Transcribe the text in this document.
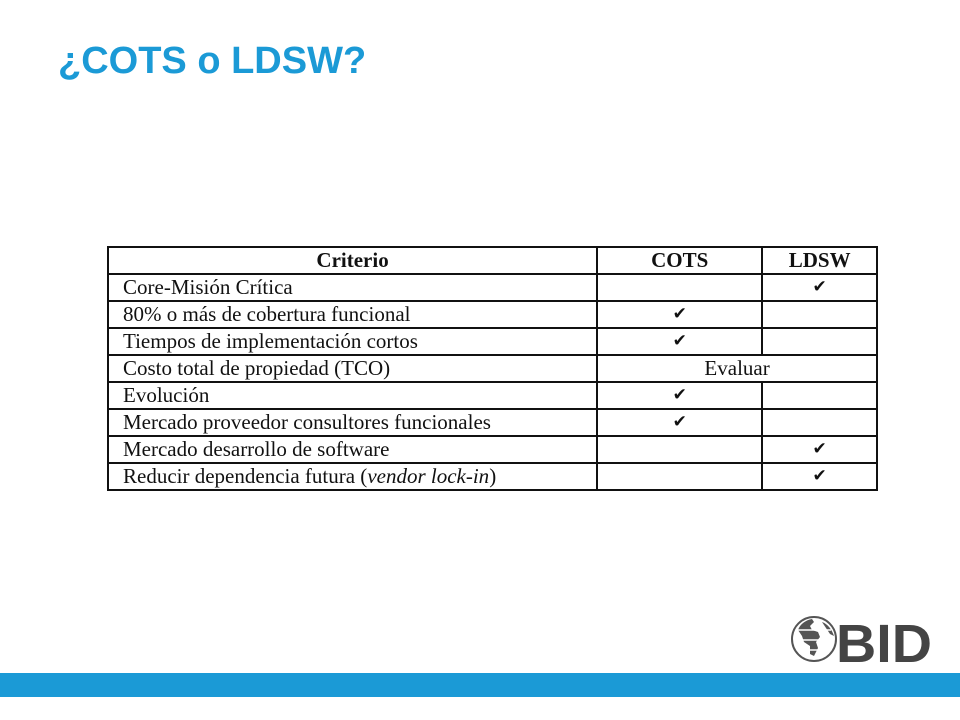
¿COTS o LDSW?
Criterio	COTS	LDSW
Core-Misión Crítica		✔
80% o más de cobertura funcional	✔	
Tiempos de implementación cortos	✔	
Costo total de propiedad (TCO)	Evaluar	
Evolución	✔	
Mercado proveedor consultores funcionales	✔	
Mercado desarrollo de software		✔
Reducir dependencia futura (vendor lock-in)		✔
BID
